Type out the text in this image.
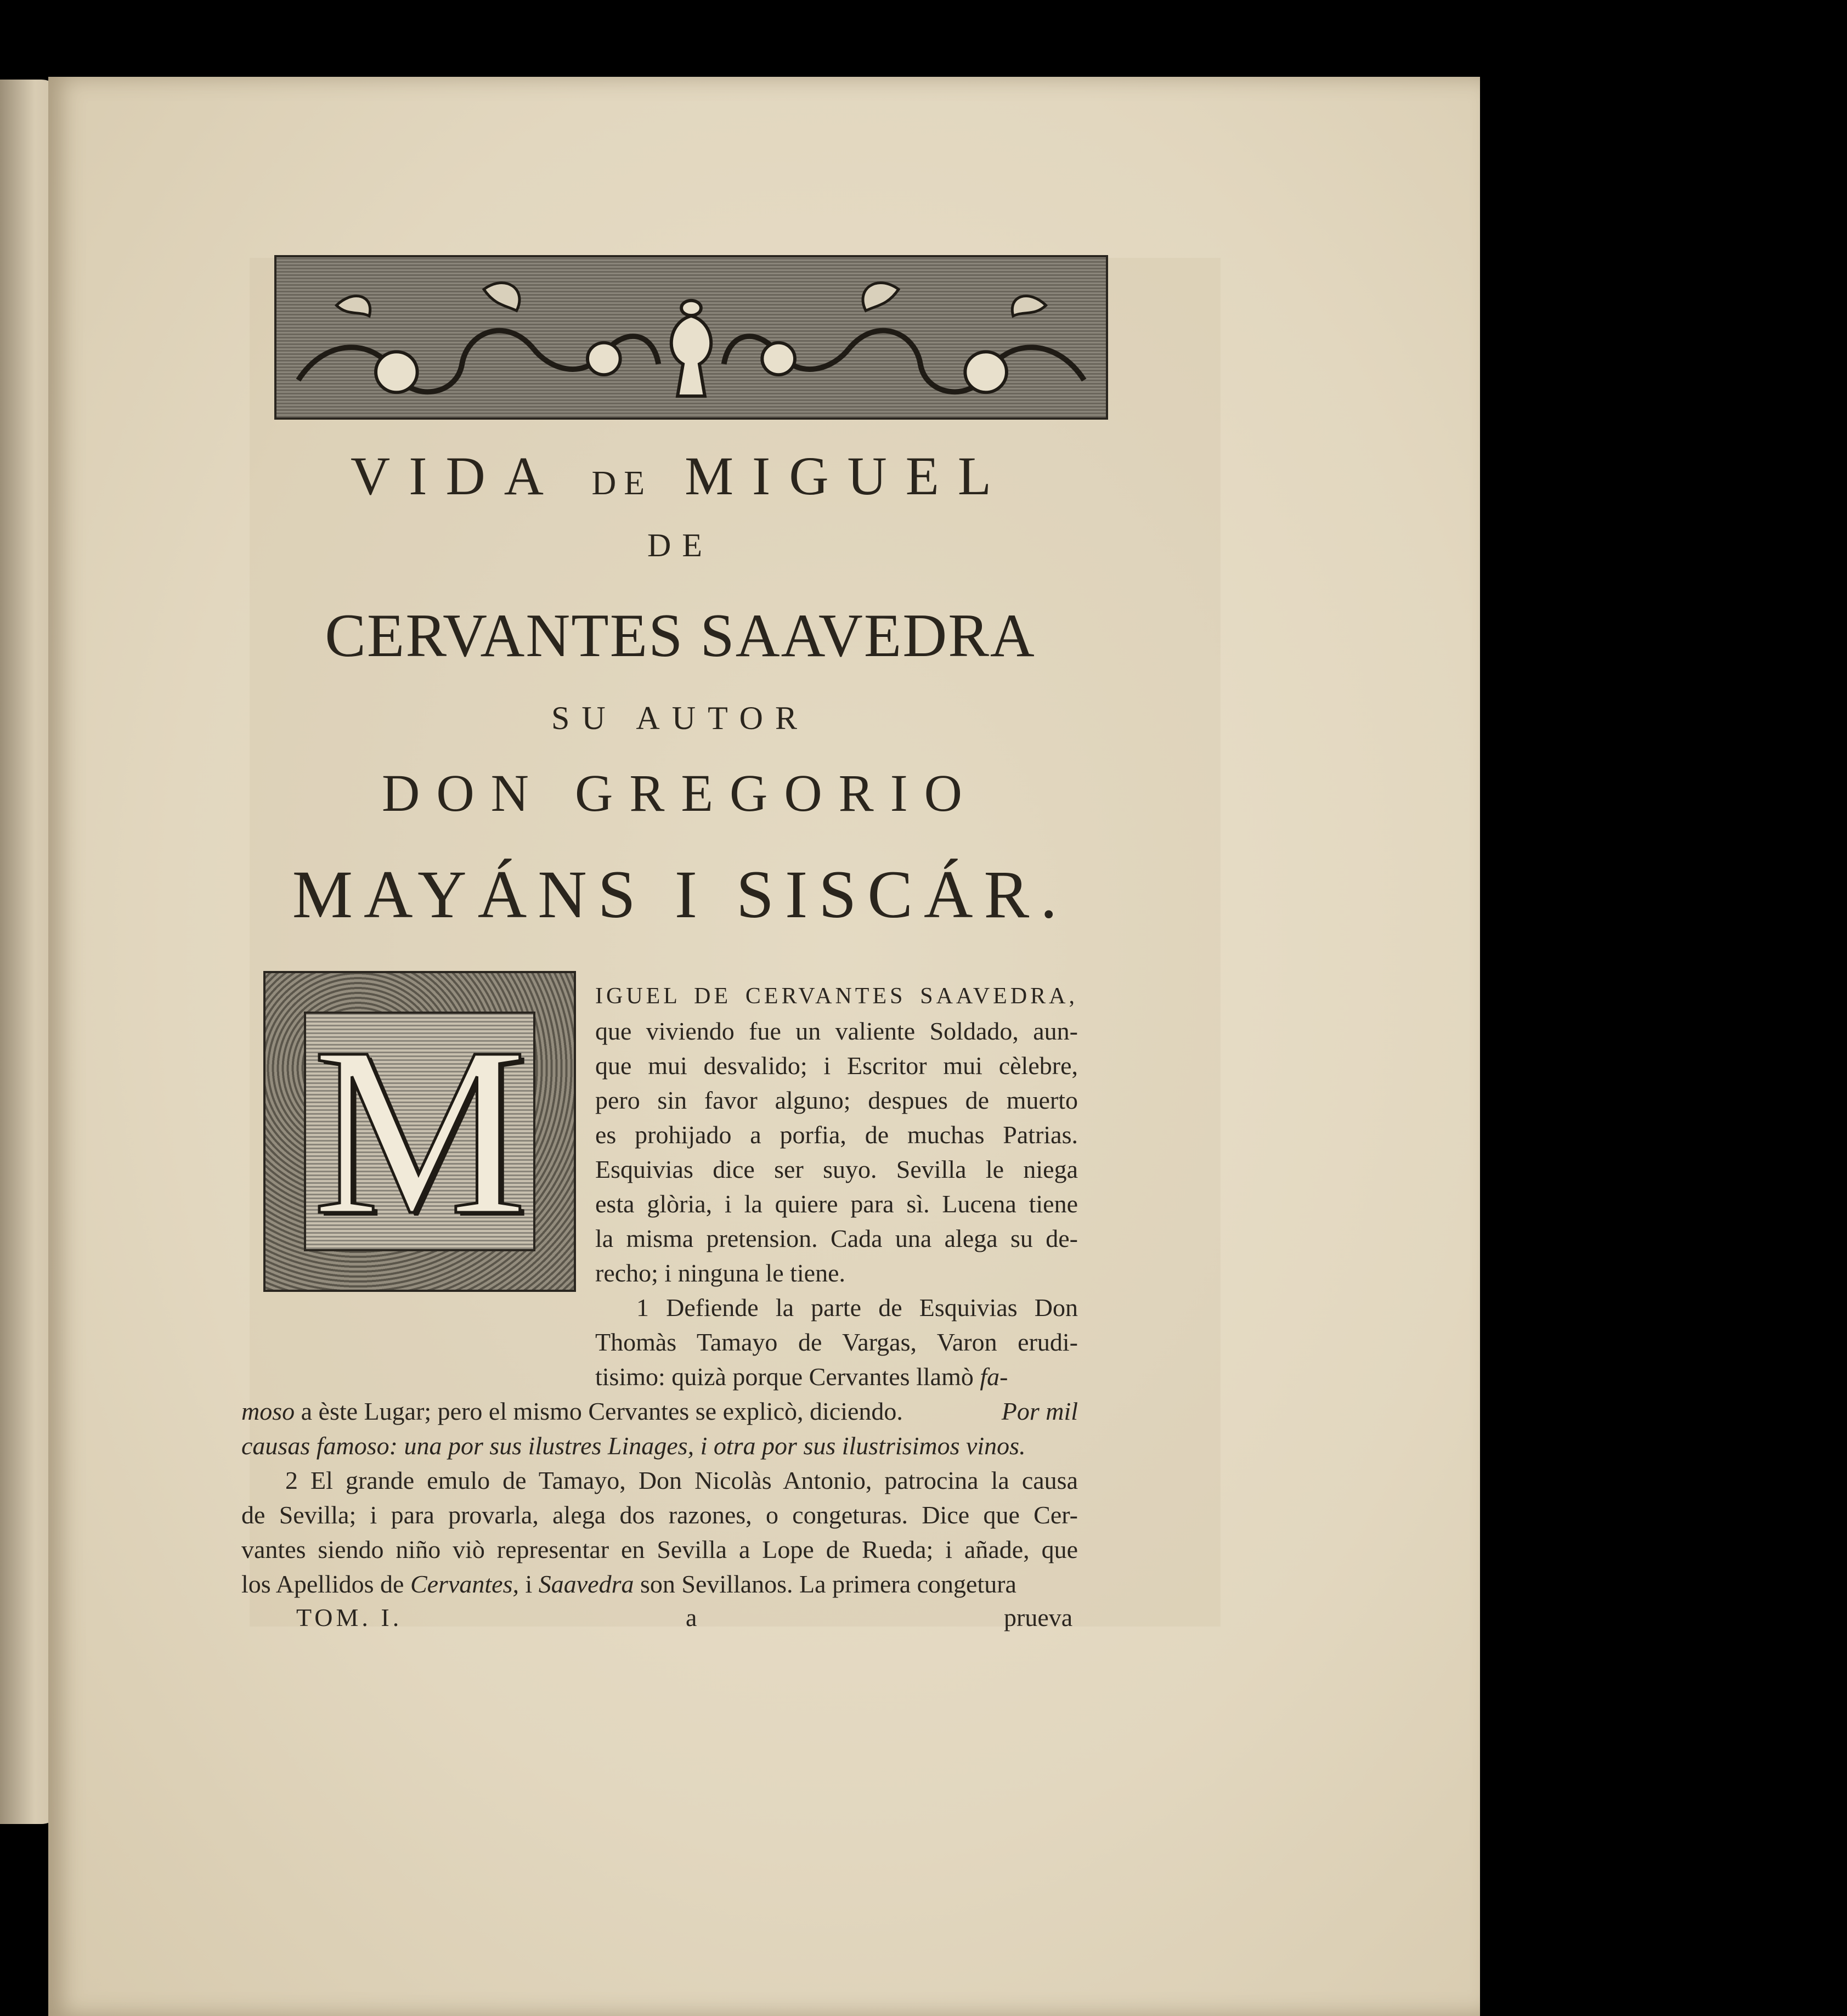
VIDA DE MIGUEL
DE
CERVANTES SAAVEDRA
SU AUTOR
DON GREGORIO
MAYÁNS I SISCÁR.
M
IGUEL DE CERVANTES SAAVEDRA,
que viviendo fue un valiente Soldado, aun-
que mui desvalido; i Escritor mui cèlebre,
pero sin favor alguno; despues de muerto
es prohijado a porfia, de muchas Patrias.
Esquivias dice ser suyo. Sevilla le niega
esta glòria, i la quiere para sì. Lucena tiene
la misma pretension. Cada una alega su de-
recho; i ninguna le tiene.
1 Defiende la parte de Esquivias Don
Thomàs Tamayo de Vargas, Varon erudi-
tisimo: quizà porque Cervantes llamò fa-
moso a èste Lugar; pero el mismo Cervantes se explicò, diciendo.	Por mil
causas famoso: una por sus ilustres Linages, i otra por sus ilustrisimos vinos.
2 El grande emulo de Tamayo, Don Nicolàs Antonio, patrocina la causa
de Sevilla; i para provarla, alega dos razones, o congeturas. Dice que Cer-
vantes siendo niño viò representar en Sevilla a Lope de Rueda; i añade, que
los Apellidos de Cervantes, i Saavedra son Sevillanos. La primera congetura
TOM. I.	a	prueva
